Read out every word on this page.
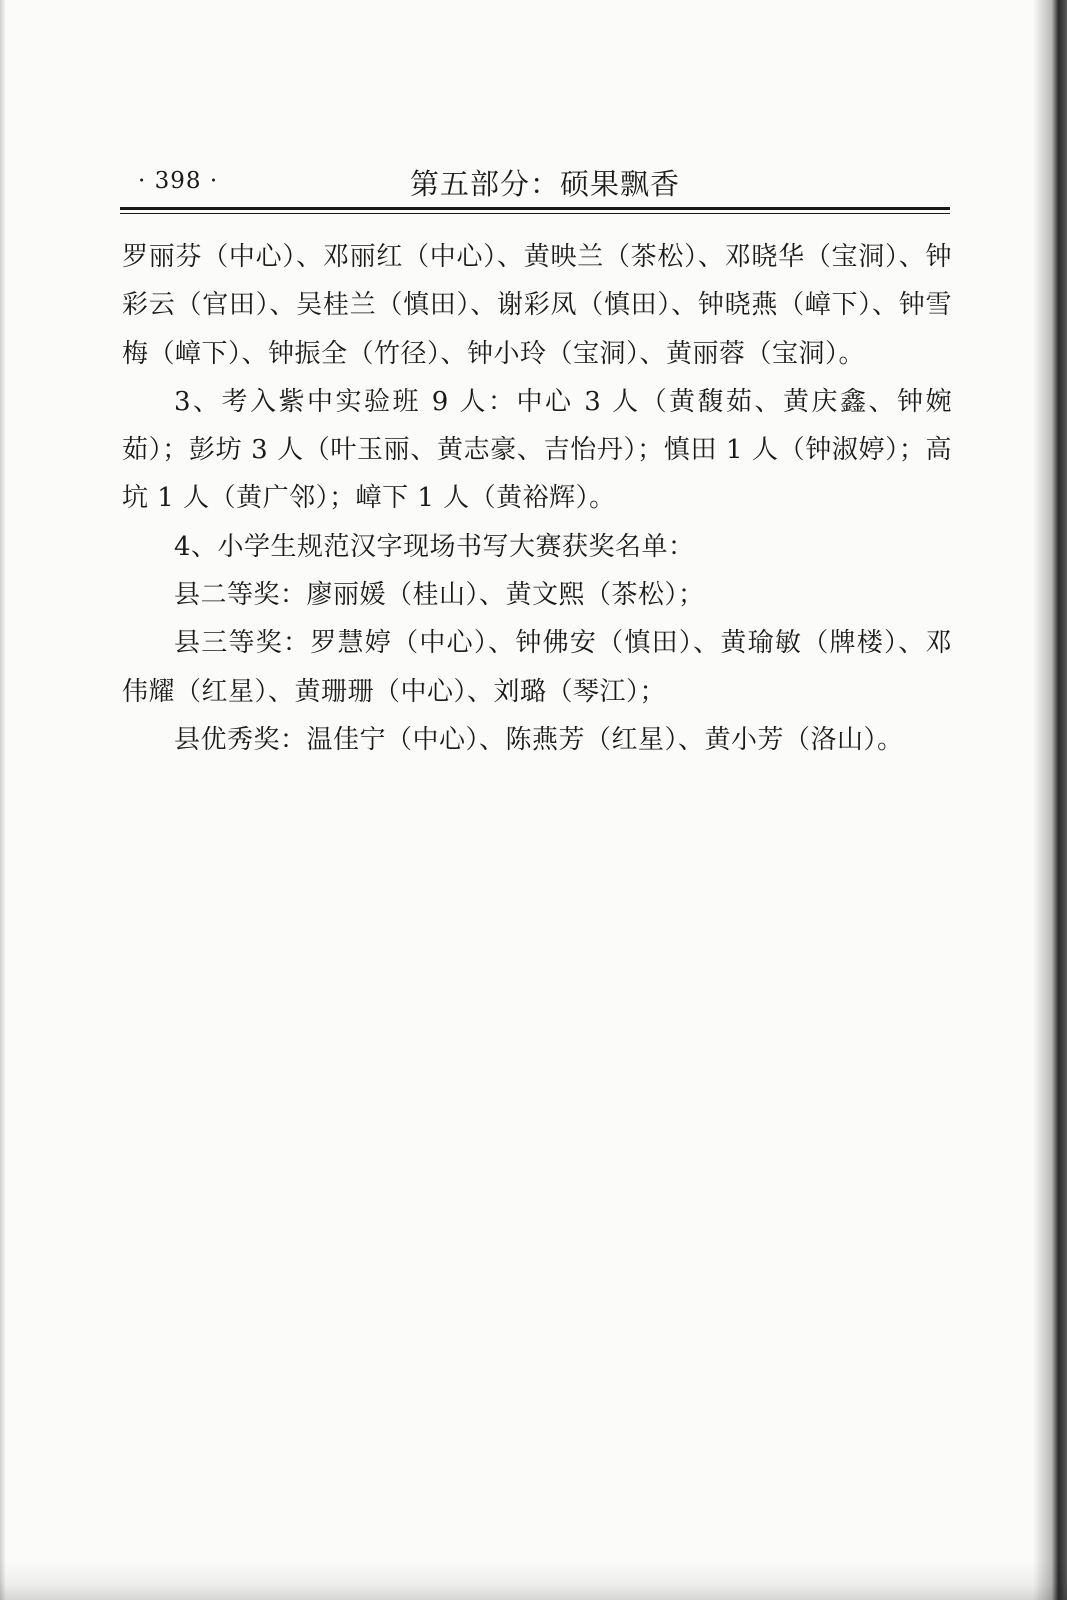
· 398 ·	第五部分：硕果飘香

罗丽芬（中心）、邓丽红（中心）、黄映兰（茶松）、邓晓华（宝洞）、钟彩云（官田）、吴桂兰（慎田）、谢彩凤（慎田）、钟晓燕（嶂下）、钟雪梅（嶂下）、钟振全（竹径）、钟小玲（宝洞）、黄丽蓉（宝洞）。

3、考入紫中实验班 9 人：中心 3 人（黄馥茹、黄庆鑫、钟婉茹）；彭坊 3 人（叶玉丽、黄志豪、吉怡丹）；慎田 1 人（钟淑婷）；高坑 1 人（黄广邻）；嶂下 1 人（黄裕辉）。

4、小学生规范汉字现场书写大赛获奖名单：

县二等奖：廖丽媛（桂山）、黄文熙（茶松）；

县三等奖：罗慧婷（中心）、钟佛安（慎田）、黄瑜敏（牌楼）、邓伟耀（红星）、黄珊珊（中心）、刘璐（琴江）；

县优秀奖：温佳宁（中心）、陈燕芳（红星）、黄小芳（洛山）。
